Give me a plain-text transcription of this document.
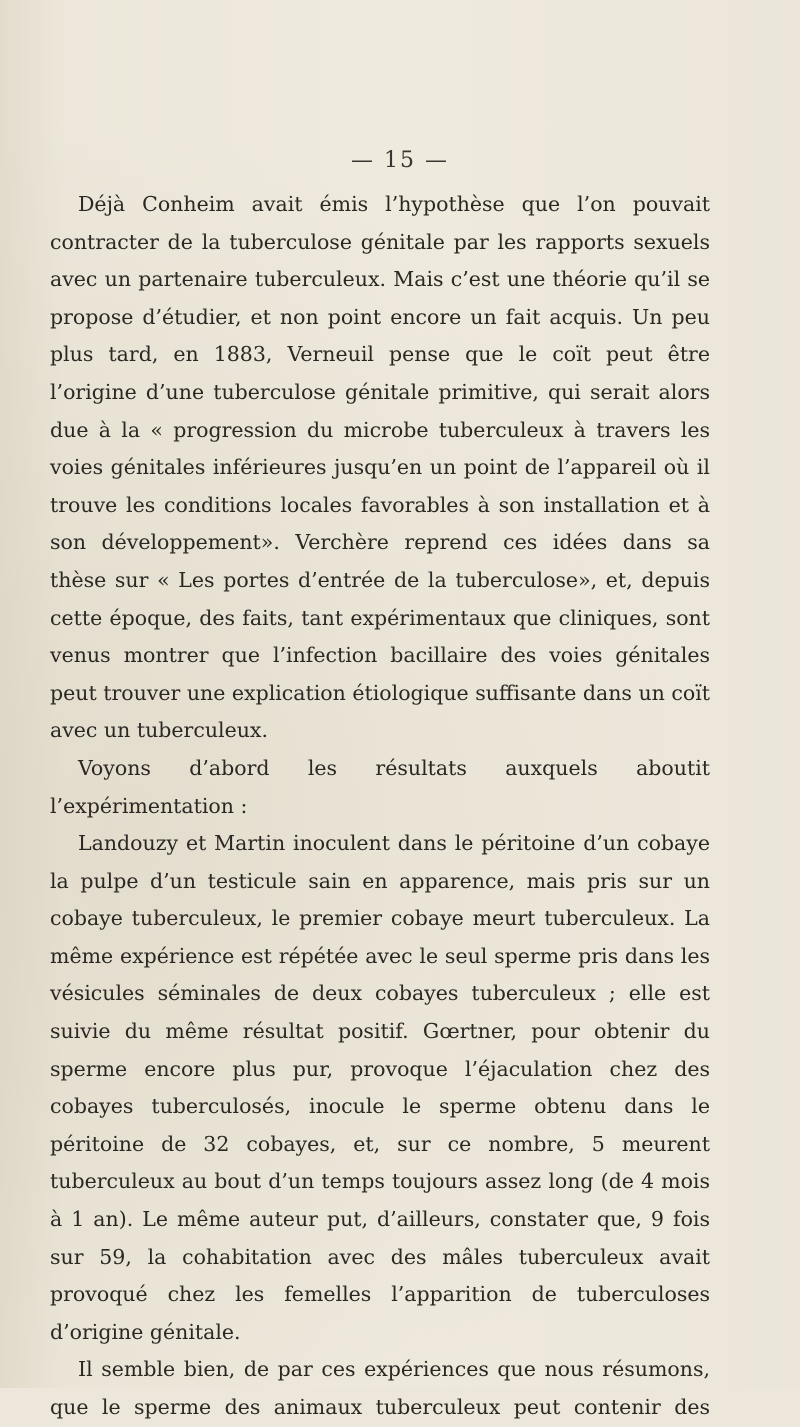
— 15 —

Déjà Conheim avait émis l’hypothèse que l’on pouvait contracter de la tuberculose génitale par les rapports sexuels avec un partenaire tuberculeux. Mais c’est une théorie qu’il se propose d’étudier, et non point encore un fait acquis. Un peu plus tard, en 1883, Verneuil pense que le coït peut être l’origine d’une tuberculose génitale primitive, qui serait alors due à la « progression du microbe tuberculeux à travers les voies génitales inférieures jusqu’en un point de l’appareil où il trouve les conditions locales favorables à son installation et à son développement». Verchère reprend ces idées dans sa thèse sur « Les portes d’entrée de la tuberculose», et, depuis cette époque, des faits, tant expérimentaux que cliniques, sont venus montrer que l’infection bacillaire des voies génitales peut trouver une explication étiologique suffisante dans un coït avec un tuberculeux.

Voyons d’abord les résultats auxquels aboutit l’expérimentation :

Landouzy et Martin inoculent dans le péritoine d’un cobaye la pulpe d’un testicule sain en apparence, mais pris sur un cobaye tuberculeux, le premier cobaye meurt tuberculeux. La même expérience est répétée avec le seul sperme pris dans les vésicules séminales de deux cobayes tuberculeux ; elle est suivie du même résultat positif. Gœrtner, pour obtenir du sperme encore plus pur, provoque l’éjaculation chez des cobayes tuberculosés, inocule le sperme obtenu dans le péritoine de 32 cobayes, et, sur ce nombre, 5 meurent tuberculeux au bout d’un temps toujours assez long (de 4 mois à 1 an). Le même auteur put, d’ailleurs, constater que, 9 fois sur 59, la cohabitation avec des mâles tuberculeux avait provoqué chez les femelles l’apparition de tuberculoses d’origine génitale.

Il semble bien, de par ces expériences que nous résumons, que le sperme des animaux tuberculeux peut contenir des
